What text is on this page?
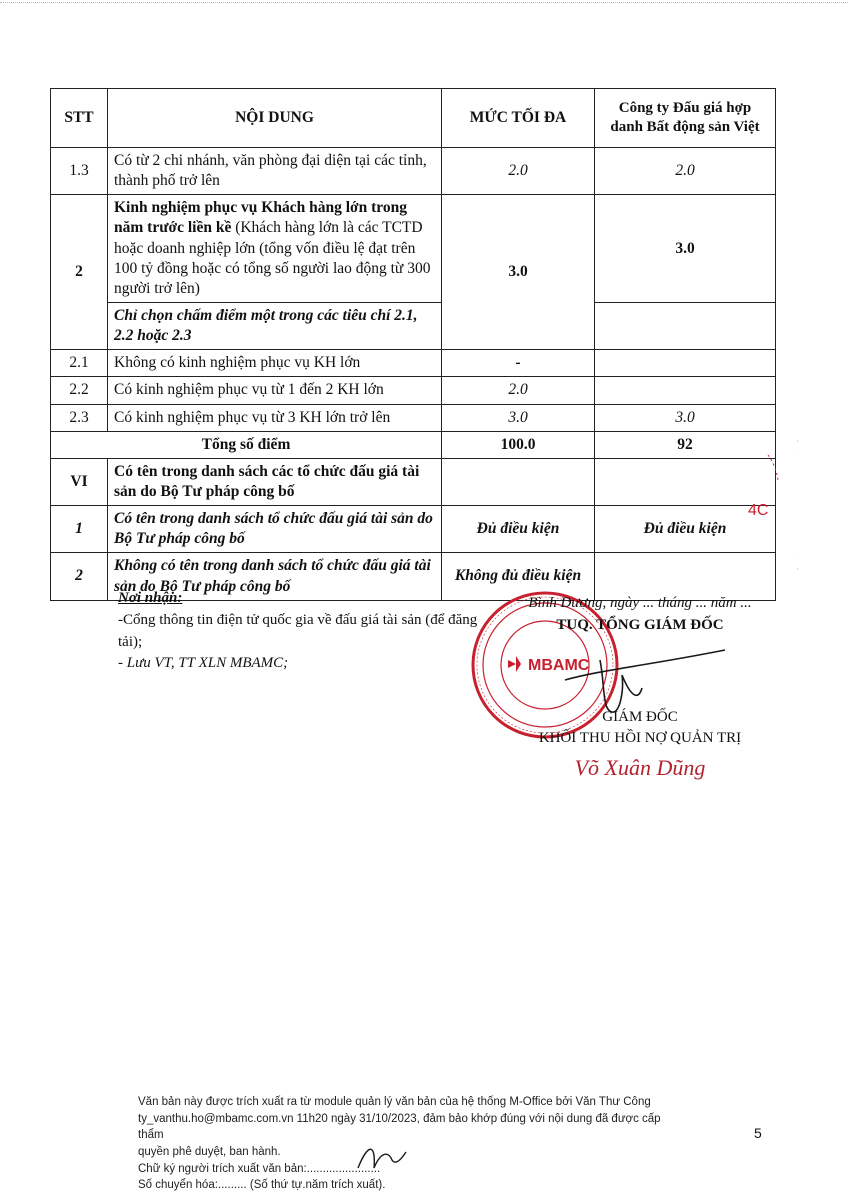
STT	NỘI DUNG	MỨC TỐI ĐA	Công ty Đấu giá hợp danh Bất động sản Việt
1.3	Có từ 2 chi nhánh, văn phòng đại diện tại các tỉnh, thành phố trở lên	2.0	2.0
2	Kinh nghiệm phục vụ Khách hàng lớn trong năm trước liền kề (Khách hàng lớn là các TCTD hoặc doanh nghiệp lớn (tổng vốn điều lệ đạt trên 100 tỷ đồng hoặc có tổng số người lao động từ 300 người trở lên)	3.0	3.0
	Chỉ chọn chấm điểm một trong các tiêu chí 2.1, 2.2 hoặc 2.3		
2.1	Không có kinh nghiệm phục vụ KH lớn	-	
2.2	Có kinh nghiệm phục vụ từ 1 đến 2 KH lớn	2.0	
2.3	Có kinh nghiệm phục vụ từ 3 KH lớn trở lên	3.0	3.0
Tổng số điểm		100.0	92
VI	Có tên trong danh sách các tổ chức đấu giá tài sản do Bộ Tư pháp công bố		
1	Có tên trong danh sách tổ chức đấu giá tài sản do Bộ Tư pháp công bố	Đủ điều kiện	Đủ điều kiện
2	Không có tên trong danh sách tổ chức đấu giá tài sản do Bộ Tư pháp công bố	Không đủ điều kiện	
4C
Nơi nhận:
-Cổng thông tin điện tử quốc gia về đấu giá tài sản (để đăng tải);
- Lưu VT, TT XLN MBAMC;	MBAMC
Bình Dương, ngày ... tháng ... năm ...
TUQ. TỔNG GIÁM ĐỐC
GIÁM ĐỐC
KHỐI THU HỒI NỢ QUẢN TRỊ
Võ Xuân Dũng
Văn bản này được trích xuất ra từ module quản lý văn bản của hệ thống M-Office bởi Văn Thư Công
ty_vanthu.ho@mbamc.com.vn 11h20 ngày 31/10/2023, đảm bảo khớp đúng với nội dung đã được cấp thẩm
quyền phê duyệt, ban hành.
Chữ ký người trích xuất văn bản:.......................
Số chuyển hóa:......... (Số thứ tự.năm trích xuất).
5
